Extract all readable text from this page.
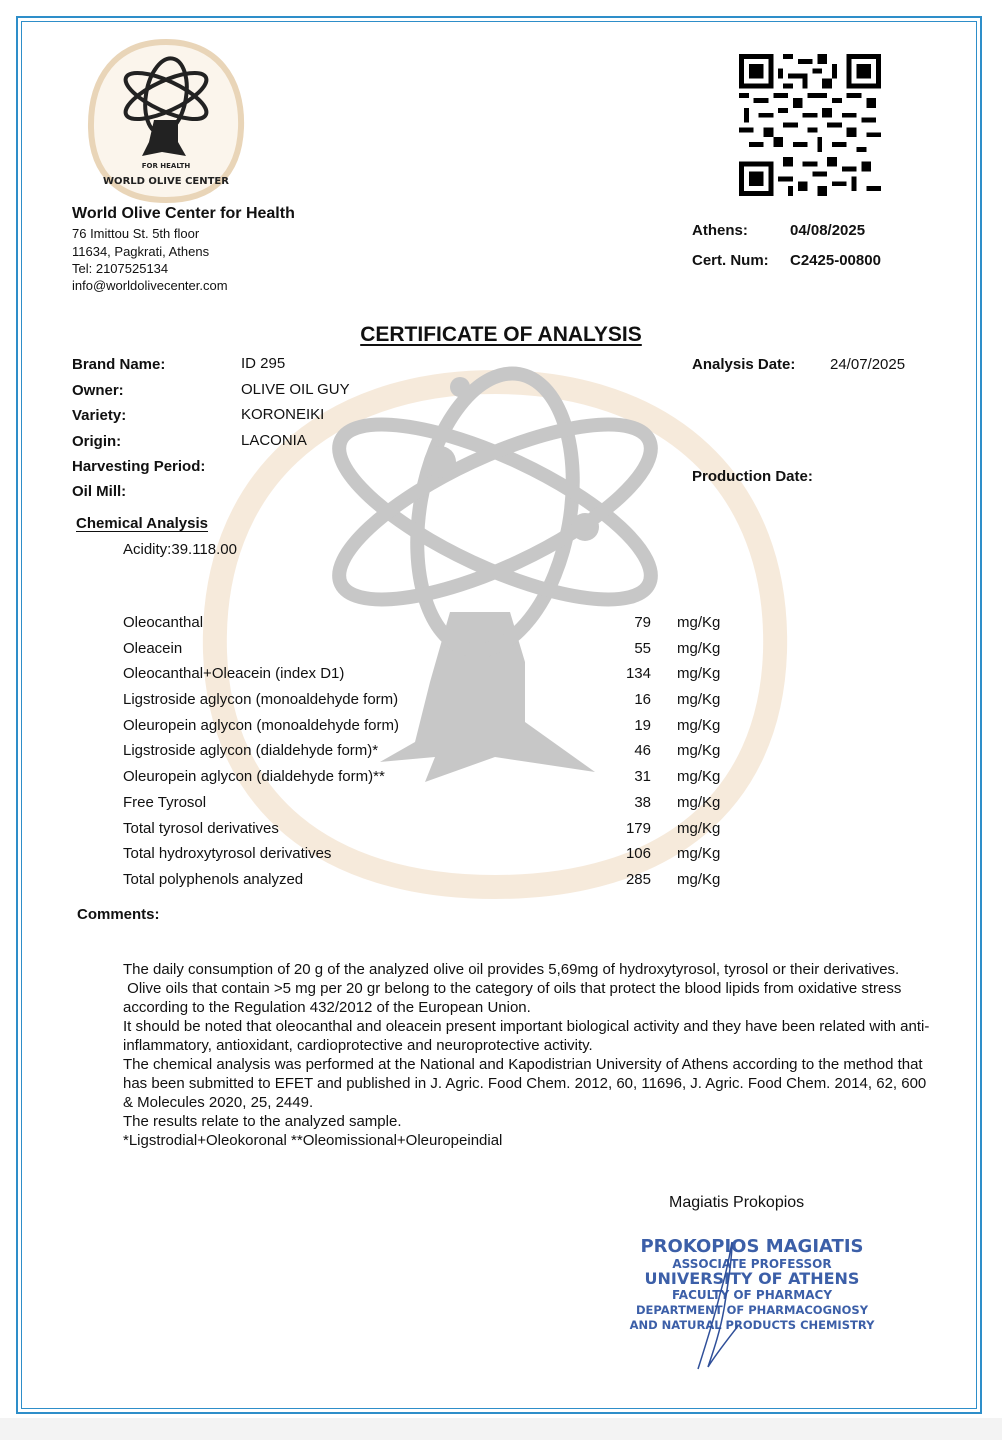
FOR HEALTH
WORLD OLIVE CENTER
World Olive Center for Health
76 Imittou St. 5th floor
11634, Pagkrati, Athens
Tel: 2107525134
info@worldolivecenter.com
Athens:	04/08/2025
Cert. Num: C2425-00800
CERTIFICATE OF ANALYSIS
Brand Name:	ID 295
Owner:	OLIVE OIL GUY
Variety:	KORONEIKI
Origin:	LACONIA
Harvesting Period:
Oil Mill:
Analysis Date: 24/07/2025
Production Date:
Chemical Analysis
Acidity:39.118.00
Oleocanthal	79 mg/Kg
Oleacein	55 mg/Kg
Oleocanthal+Oleacein (index D1)	134 mg/Kg
Ligstroside aglycon (monoaldehyde form)	16 mg/Kg
Oleuropein aglycon (monoaldehyde form)	19 mg/Kg
Ligstroside aglycon (dialdehyde form)*	46 mg/Kg
Oleuropein aglycon (dialdehyde form)**	31 mg/Kg
Free Tyrosol	38 mg/Kg
Total tyrosol derivatives	179 mg/Kg
Total hydroxytyrosol derivatives	106 mg/Kg
Total polyphenols analyzed	285 mg/Kg
Comments:

The daily consumption of 20 g of the analyzed olive oil provides 5,69mg of hydroxytyrosol, tyrosol or their derivatives.

Olive oils that contain >5 mg per 20 gr belong to the category of oils that protect the blood lipids from oxidative stress according to the Regulation 432/2012 of the European Union.

It should be noted that oleocanthal and oleacein present important biological activity and they have been related with anti-inflammatory, antioxidant, cardioprotective and neuroprotective activity.

The chemical analysis was performed at the National and Kapodistrian University of Athens according to the method that has been submitted to EFET and published in J. Agric. Food Chem. 2012, 60, 11696, J. Agric. Food Chem. 2014, 62, 600 & Molecules 2020, 25, 2449.

The results relate to the analyzed sample.

*Ligstrodial+Oleokoronal **Oleomissional+Oleuropeindial

Magiatis Prokopios
PROKOPIOS MAGIATIS
ASSOCIATE PROFESSOR
UNIVERSITY OF ATHENS
FACULTY OF PHARMACY
DEPARTMENT OF PHARMACOGNOSY
AND NATURAL PRODUCTS CHEMISTRY
